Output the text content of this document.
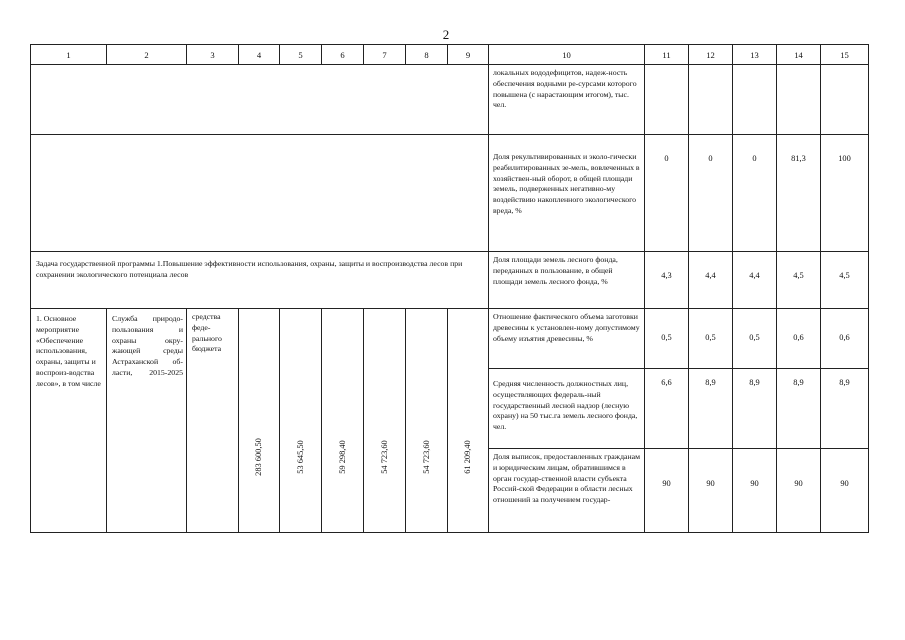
2
1	2	3	4	5	6	7	8	9	10	11	12	13	14	15
									локальных вододефицитов, надеж-ность обеспечения водными ре-сурсами которого повышена (с нарастающим итогом), тыс. чел.					
									Доля рекультивированных и эколо-гически реабилитированных зе-мель, вовлеченных в хозяйствен-ный оборот, в общей площади земель, подверженных негативно-му воздействию накопленного экологического вреда, %	0	0	0	81,3	100

Задача государственной программы 1.Повышение эффективности использования, охраны, защиты и воспроизводства лесов при сохранении экологического потенциала лесов									Доля площади земель лесного фонда, переданных в пользование, в общей площади земель лесного фонда, %	4,3	4,4	4,4	4,5	4,5

1. Основное мероприятие «Обеспечение использования, охраны, защиты и воспроиз-водства лесов», в том числе	Служба природо-пользования и охраны окру-жающей среды Астраханской об-ласти, 2015-2025	средства феде-рального бюджета	283 600,50	53 645,50	59 298,40	54 723,60	54 723,60	61 209,40	Отношение фактического объема заготовки древесины к установлен-ному допустимому объему изъятия древесины, %	0,5	0,5	0,5	0,6	0,6

									Средняя численность должностных лиц, осуществляющих федераль-ный государственный лесной надзор (лесную охрану) на 50 тыс.га земель лесного фонда, чел.	6,6	8,9	8,9	8,9	8,9

									Доля выписок, предоставленных гражданам и юридическим лицам, обратившимся в орган государ-ственной власти субъекта Россий-ской Федерации в области лесных отношений за получением государ-	90	90	90	90	90
